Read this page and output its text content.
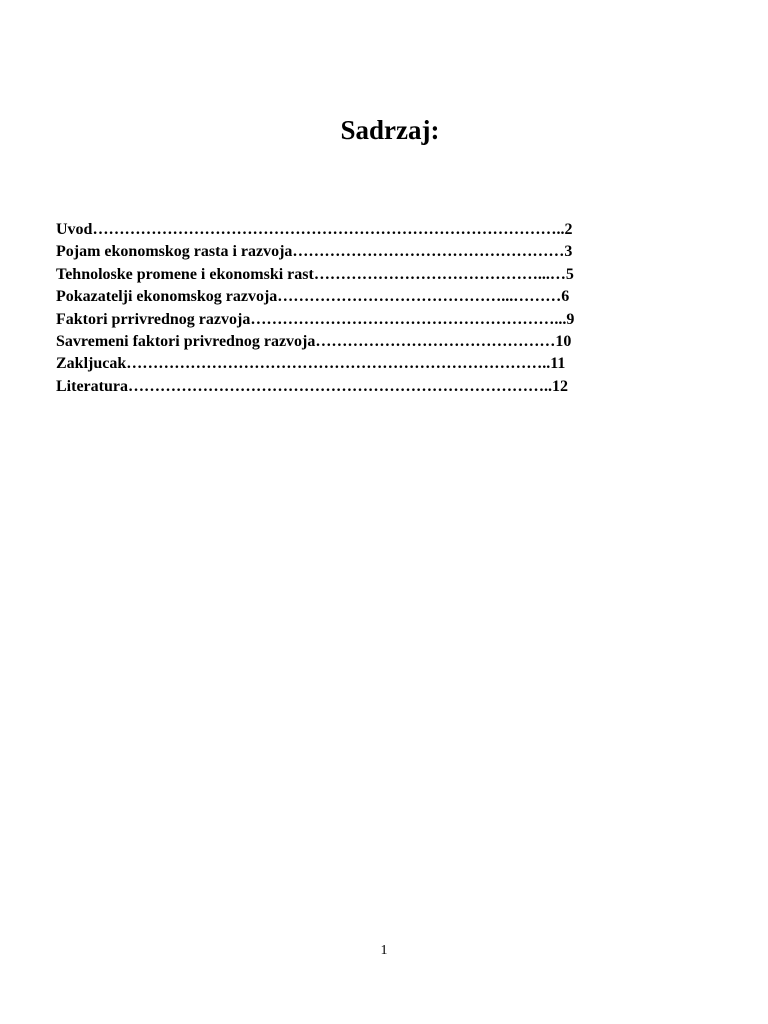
Sadrzaj:
Uvod……………………………………………………………………………..2
Pojam ekonomskog rasta i razvoja……………………………………………3
Tehnoloske promene i ekonomski rast……………………………………...…5
Pokazatelji ekonomskog razvoja……………………………………...………6
Faktori prrivrednog razvoja…………………………………………………...9
Savremeni faktori privrednog razvoja………………………………………10
Zakljucak……………………………………………………………………..11
Literatura……………………………………………………………………..12
1
